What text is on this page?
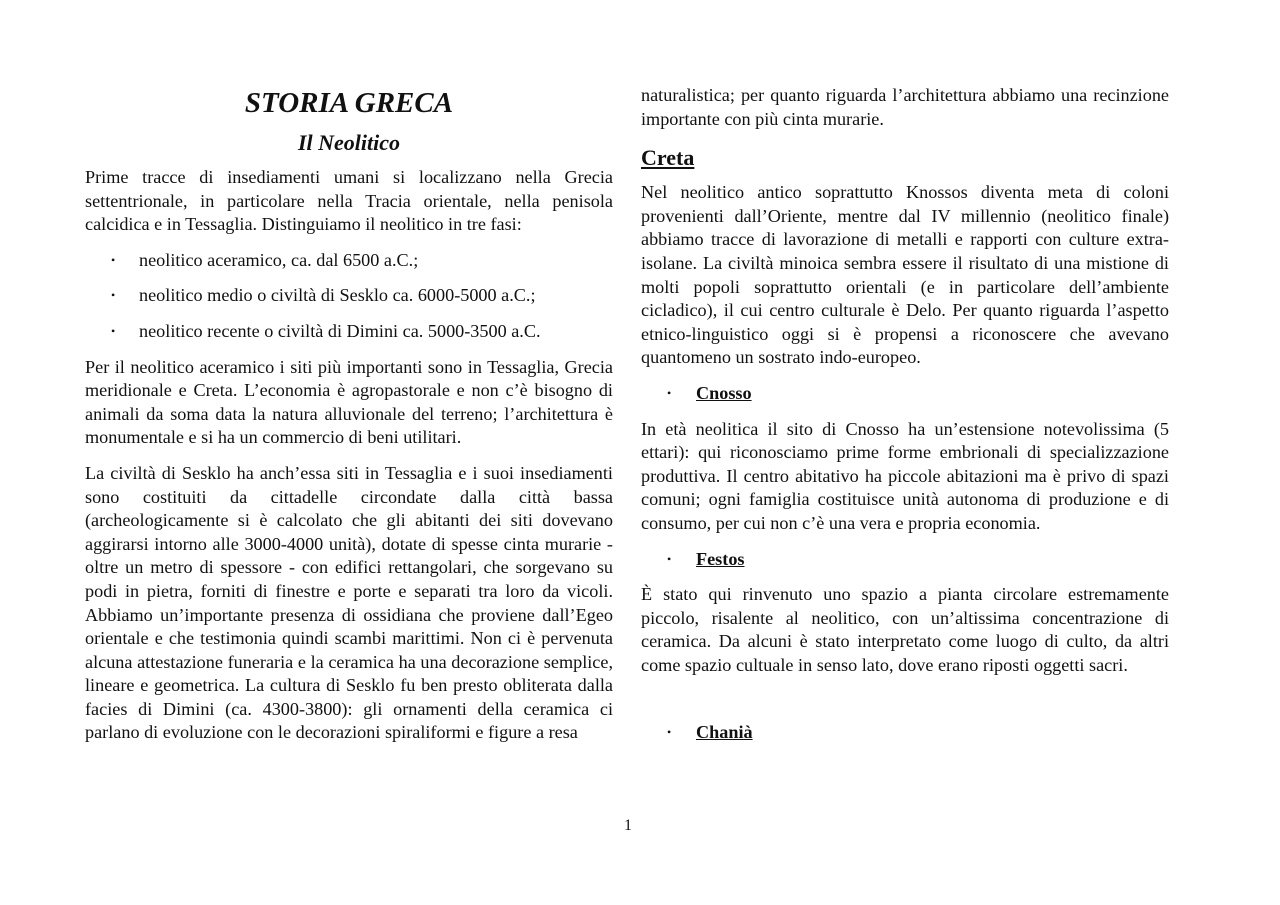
STORIA GRECA
Il Neolitico

Prime tracce di insediamenti umani si localizzano nella Grecia settentrionale, in particolare nella Tracia orientale, nella penisola calcidica e in Tessaglia. Distinguiamo il neolitico in tre fasi:

• neolitico aceramico, ca. dal 6500 a.C.;
• neolitico medio o civiltà di Sesklo ca. 6000-5000 a.C.;
• neolitico recente o civiltà di Dimini ca. 5000-3500 a.C.

Per il neolitico aceramico i siti più importanti sono in Tessaglia, Grecia meridionale e Creta. L’economia è agropastorale e non c’è bisogno di animali da soma data la natura alluvionale del terreno; l’architettura è monumentale e si ha un commercio di beni utilitari.

La civiltà di Sesklo ha anch’essa siti in Tessaglia e i suoi insediamenti sono costituiti da cittadelle circondate dalla città bassa (archeologicamente si è calcolato che gli abitanti dei siti dovevano aggirarsi intorno alle 3000-4000 unità), dotate di spesse cinta murarie - oltre un metro di spessore - con edifici rettangolari, che sorgevano su podi in pietra, forniti di finestre e porte e separati tra loro da vicoli. Abbiamo un’importante presenza di ossidiana che proviene dall’Egeo orientale e che testimonia quindi scambi marittimi. Non ci è pervenuta alcuna attestazione funeraria e la ceramica ha una decorazione semplice, lineare e geometrica. La cultura di Sesklo fu ben presto obliterata dalla facies di Dimini (ca. 4300-3800): gli ornamenti della ceramica ci parlano di evoluzione con le decorazioni spiraliformi e figure a resa

naturalistica; per quanto riguarda l’architettura abbiamo una recinzione importante con più cinta murarie.

Creta

Nel neolitico antico soprattutto Knossos diventa meta di coloni provenienti dall’Oriente, mentre dal IV millennio (neolitico finale) abbiamo tracce di lavorazione di metalli e rapporti con culture extra-isolane. La civiltà minoica sembra essere il risultato di una mistione di molti popoli soprattutto orientali (e in particolare dell’ambiente cicladico), il cui centro culturale è Delo. Per quanto riguarda l’aspetto etnico-linguistico oggi si è propensi a riconoscere che avevano quantomeno un sostrato indo-europeo.

• Cnosso

In età neolitica il sito di Cnosso ha un’estensione notevolissima (5 ettari): qui riconosciamo prime forme embrionali di specializzazione produttiva. Il centro abitativo ha piccole abitazioni ma è privo di spazi comuni; ogni famiglia costituisce unità autonoma di produzione e di consumo, per cui non c’è una vera e propria economia.

• Festos

È stato qui rinvenuto uno spazio a pianta circolare estremamente piccolo, risalente al neolitico, con un’altissima concentrazione di ceramica. Da alcuni è stato interpretato come luogo di culto, da altri come spazio cultuale in senso lato, dove erano riposti oggetti sacri.

• Chanià
1
